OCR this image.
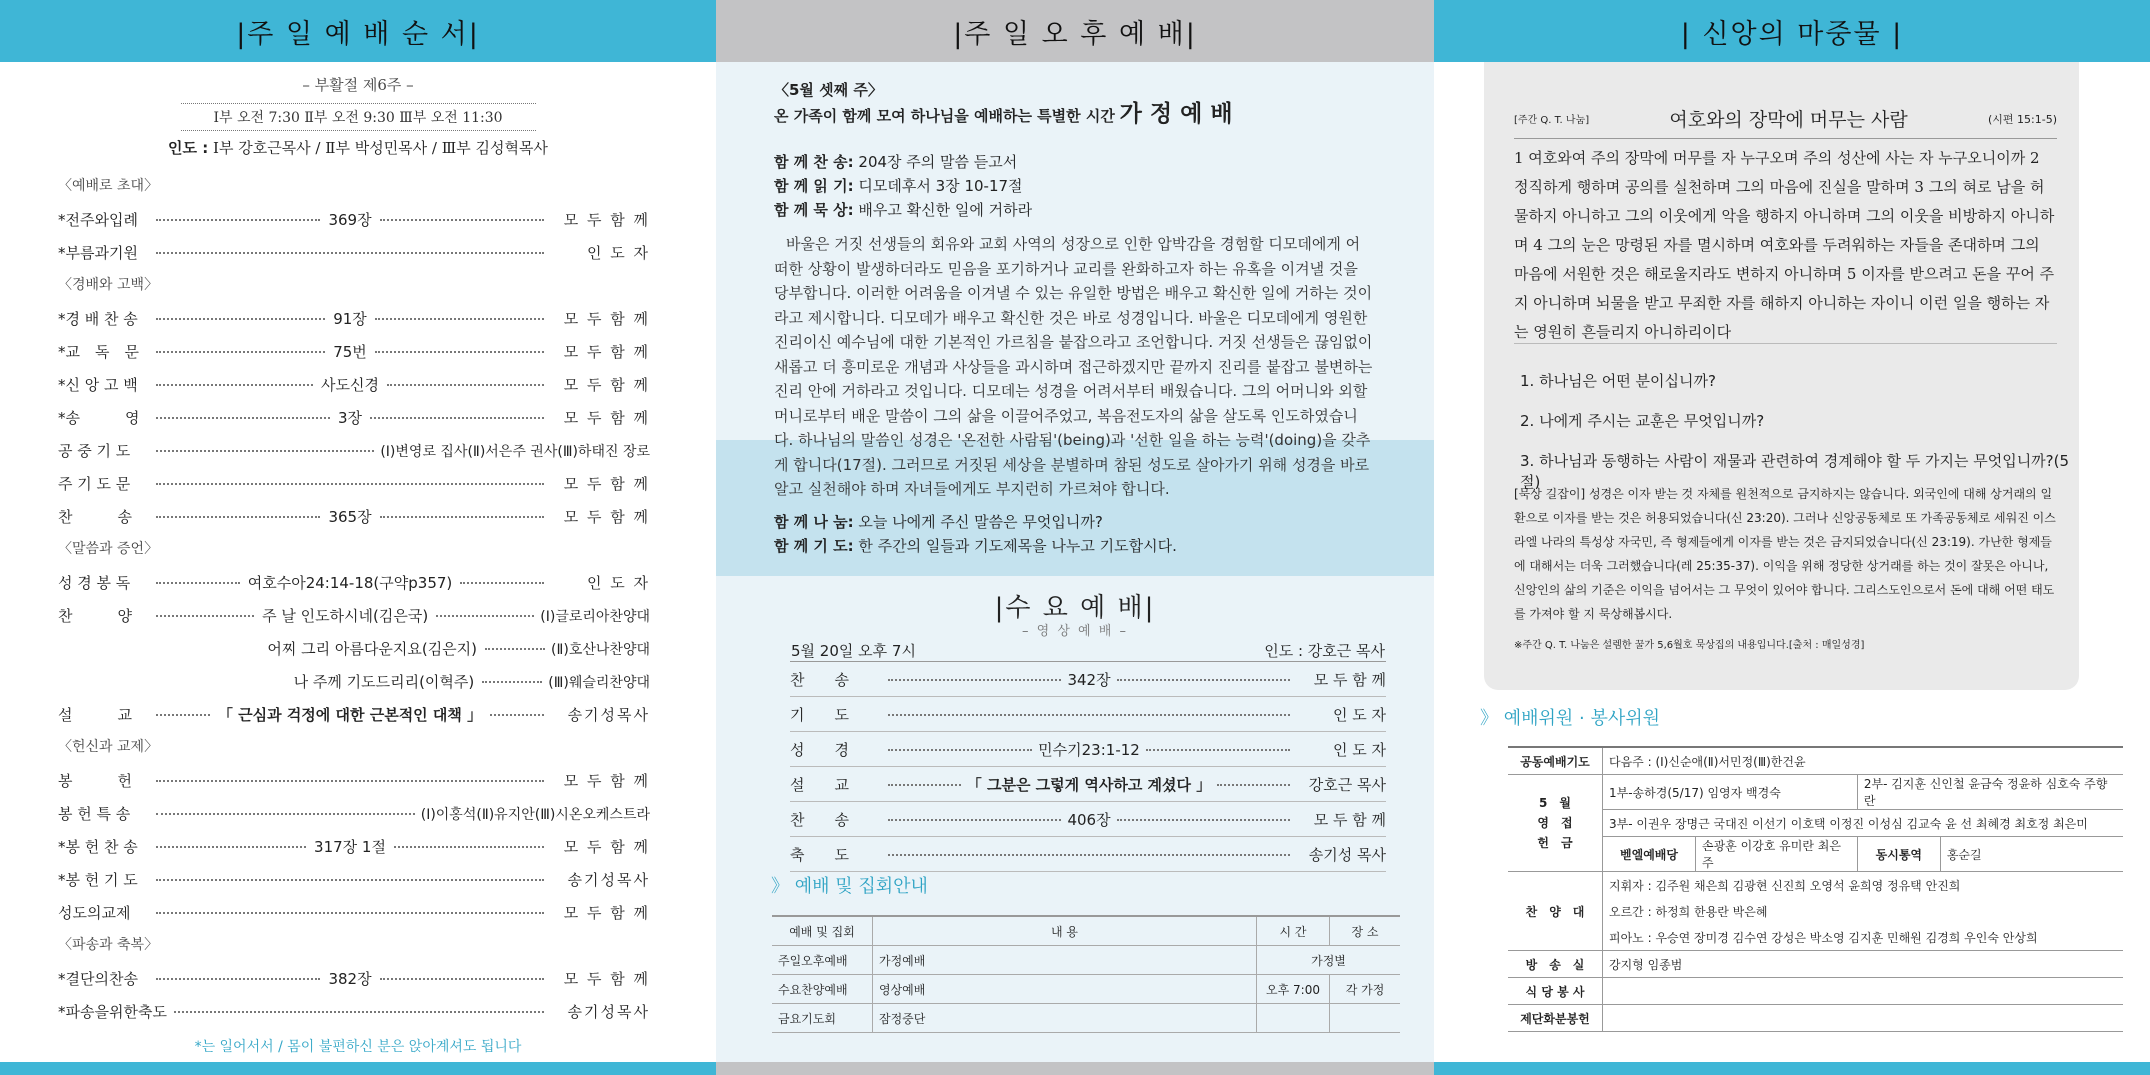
|주 일 예 배 순 서|
– 부활절 제6주 –
Ⅰ부 오전 7:30 Ⅱ부 오전 9:30 Ⅲ부 오전 11:30
인도 : Ⅰ부 강호근목사 / Ⅱ부 박성민목사 / Ⅲ부 김성혁목사
〈예배로 초대〉
*전주와입례	369장	모 두 함 께
*부름과기원	인 도 자
〈경배와 고백〉
*경 배 찬 송	91장	모 두 함 께
*교　독　문	75번	모 두 함 께
*신 앙 고 백	사도신경	모 두 함 께
*송　　　영	3장	모 두 함 께
공 중 기 도	(Ⅰ)변영로 집사(Ⅱ)서은주 권사(Ⅲ)하태진 장로
주 기 도 문	모 두 함 께
찬　　　송	365장	모 두 함 께
〈말씀과 증언〉
성 경 봉 독	여호수아24:14-18(구약p357)	인 도 자
찬　　　양	주 날 인도하시네(김은국)	(Ⅰ)글로리아찬양대
어찌 그리 아름다운지요(김은지)	(Ⅱ)호산나찬양대
나 주께 기도드리리(이혁주)	(Ⅲ)웨슬리찬양대
설　　　교	「 근심과 걱정에 대한 근본적인 대책 」	송기성목사
〈헌신과 교제〉
봉　　　헌	모 두 함 께
봉 헌 특 송	(Ⅰ)이홍석(Ⅱ)유지안(Ⅲ)시온오케스트라
*봉 헌 찬 송	317장 1절	모 두 함 께
*봉 헌 기 도	송기성목사
성도의교제	모 두 함 께
〈파송과 축복〉
*결단의찬송	382장	모 두 함 께
*파송을위한축도	송기성목사
*는 일어서서 / 몸이 불편하신 분은 앉아계셔도 됩니다
|주 일 오 후 예 배|
〈5월 셋째 주〉
온 가족이 함께 모여 하나님을 예배하는 특별한 시간 가 정 예 배
함 께 찬 송: 204장 주의 말씀 듣고서
함 께 읽 기: 디모데후서 3장 10-17절
함 께 묵 상: 배우고 확신한 일에 거하라
바울은 거짓 선생들의 회유와 교회 사역의 성장으로 인한 압박감을 경험할 디모데에게 어떠한 상황이 발생하더라도 믿음을 포기하거나 교리를 완화하고자 하는 유혹을 이겨낼 것을 당부합니다. 이러한 어려움을 이겨낼 수 있는 유일한 방법은 배우고 확신한 일에 거하는 것이라고 제시합니다. 디모데가 배우고 확신한 것은 바로 성경입니다. 바울은 디모데에게 영원한 진리이신 예수님에 대한 기본적인 가르침을 붙잡으라고 조언합니다. 거짓 선생들은 끊임없이 새롭고 더 흥미로운 개념과 사상들을 과시하며 접근하겠지만 끝까지 진리를 붙잡고 불변하는 진리 안에 거하라고 것입니다. 디모데는 성경을 어려서부터 배웠습니다. 그의 어머니와 외할머니로부터 배운 말씀이 그의 삶을 이끌어주었고, 복음전도자의 삶을 살도록 인도하였습니다. 하나님의 말씀인 성경은 '온전한 사람됨'(being)과 '선한 일을 하는 능력'(doing)을 갖추게 합니다(17절). 그러므로 거짓된 세상을 분별하며 참된 성도로 살아가기 위해 성경을 바로 알고 실천해야 하며 자녀들에게도 부지런히 가르쳐야 합니다.
함 께 나 눔: 오늘 나에게 주신 말씀은 무엇입니까?
함 께 기 도: 한 주간의 일들과 기도제목을 나누고 기도합시다.
|수 요 예 배|
– 영 상 예 배 –
5월 20일 오후 7시	인도 : 강호근 목사
찬　　송	342장	모 두 함 께
기　　도	인 도 자
성　　경	민수기23:1-12	인 도 자
설　　교	「 그분은 그렇게 역사하고 계셨다 」	강호근 목사
찬　　송	406장	모 두 함 께
축　　도	송기성 목사
》 예배 및 집회안내
예배 및 집회	내 용	시 간	장 소
주일오후예배	가정예배	가정별	
수요찬양예배	영상예배	오후 7:00	각 가정
금요기도회	잠정중단		
| 신앙의 마중물 |
[주간 Q. T. 나눔]	여호와의 장막에 머무는 사람	(시편 15:1-5)
1 여호와여 주의 장막에 머무를 자 누구오며 주의 성산에 사는 자 누구오니이까 2 정직하게 행하며 공의를 실천하며 그의 마음에 진실을 말하며 3 그의 혀로 남을 허물하지 아니하고 그의 이웃에게 악을 행하지 아니하며 그의 이웃을 비방하지 아니하며 4 그의 눈은 망령된 자를 멸시하며 여호와를 두려워하는 자들을 존대하며 그의 마음에 서원한 것은 해로울지라도 변하지 아니하며 5 이자를 받으려고 돈을 꾸어 주지 아니하며 뇌물을 받고 무죄한 자를 해하지 아니하는 자이니 이런 일을 행하는 자는 영원히 흔들리지 아니하리이다
1. 하나님은 어떤 분이십니까?
2. 나에게 주시는 교훈은 무엇입니까?
3. 하나님과 동행하는 사람이 재물과 관련하여 경계해야 할 두 가지는 무엇입니까?(5절)
[묵상 길잡이] 성경은 이자 받는 것 자체를 원천적으로 금지하지는 않습니다. 외국인에 대해 상거래의 일환으로 이자를 받는 것은 허용되었습니다(신 23:20). 그러나 신앙공동체로 또 가족공동체로 세워진 이스라엘 나라의 특성상 자국민, 즉 형제들에게 이자를 받는 것은 금지되었습니다(신 23:19). 가난한 형제들에 대해서는 더욱 그러했습니다(레 25:35-37). 이익을 위해 정당한 상거래를 하는 것이 잘못은 아니나, 신앙인의 삶의 기준은 이익을 넘어서는 그 무엇이 있어야 합니다. 그리스도인으로서 돈에 대해 어떤 태도를 가져야 할 지 묵상해봅시다.
※주간 Q. T. 나눔은 설렘한 꿀가 5,6월호 묵상집의 내용입니다.[출처 : 매일성경]
》 예배위원 · 봉사위원
공동예배기도	다음주 : (Ⅰ)신순애(Ⅱ)서민정(Ⅲ)한건윤			
5　월
영　접
헌　금	1부-송하경(5/17) 임영자 백경숙		2부- 김지훈 신인철 윤금숙 정윤하 심호숙 주향란	
	3부- 이권우 장명근 국대진 이선기 이호택 이정진 이성심 김교숙 윤 선 최혜경 최호정 최은미			
	벧엘예배당	손광훈 이강호 유미란 최은주	동시통역	홍순길
찬　양　대	지휘자 : 김주원 채은희 김광현 신진희 오영석 윤희영 정유택 안진희			
	오르간 : 하정희 한용란 박은혜			
	피아노 : 우승연 장미경 김수연 강성은 박소영 김지훈 민해원 김경희 우인숙 안상희			
방　송　실	강지형 임종범			
식 당 봉 사				
제단화분봉헌				
